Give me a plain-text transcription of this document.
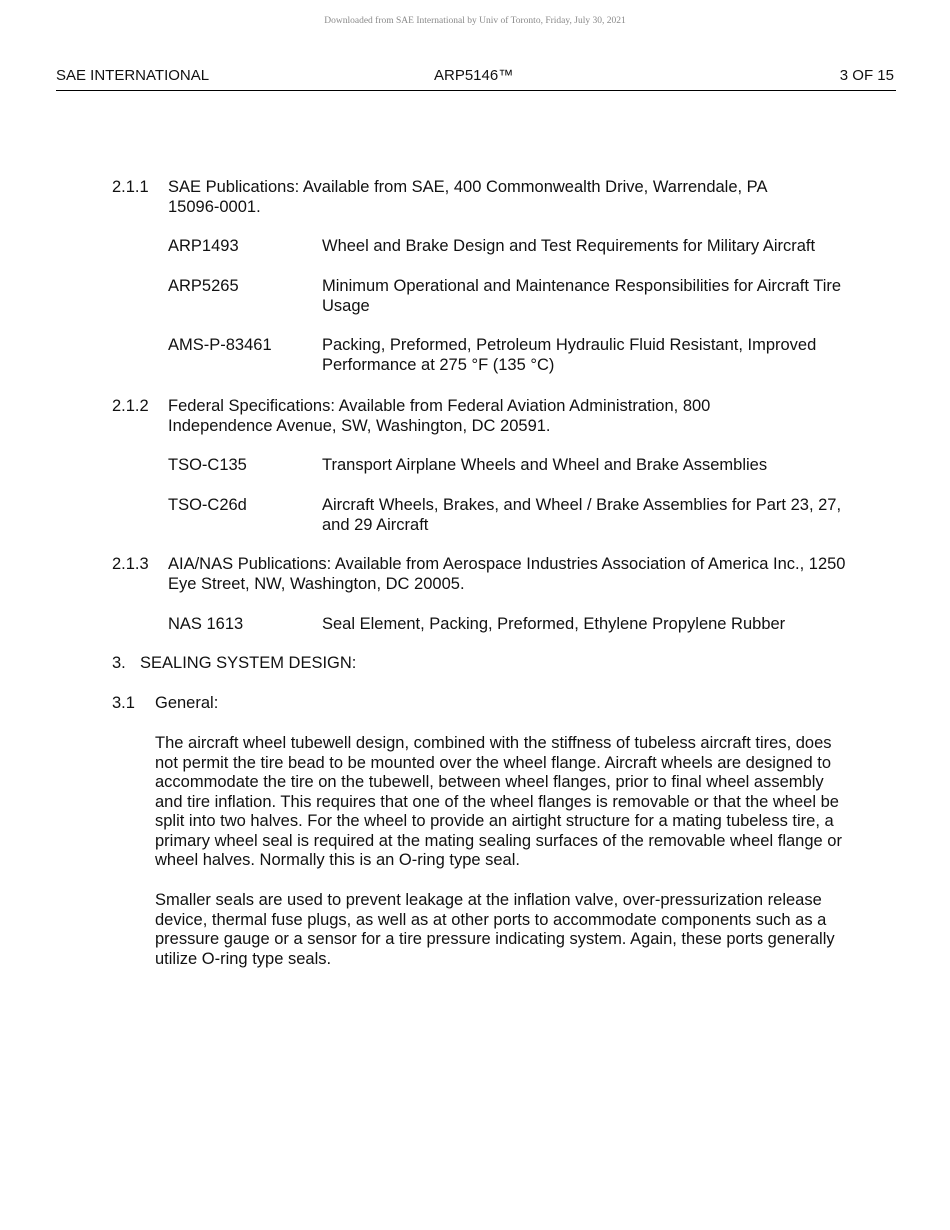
Downloaded from SAE International by Univ of Toronto, Friday, July 30, 2021
SAE INTERNATIONAL	ARP5146™	3 OF 15
2.1.1 SAE Publications: Available from SAE, 400 Commonwealth Drive, Warrendale, PA 15096-0001.
ARP1493	Wheel and Brake Design and Test Requirements for Military Aircraft
ARP5265	Minimum Operational and Maintenance Responsibilities for Aircraft Tire Usage
AMS-P-83461	Packing, Preformed, Petroleum Hydraulic Fluid Resistant, Improved Performance at 275 °F (135 °C)
2.1.2 Federal Specifications: Available from Federal Aviation Administration, 800 Independence Avenue, SW, Washington, DC 20591.
TSO-C135	Transport Airplane Wheels and Wheel and Brake Assemblies
TSO-C26d	Aircraft Wheels, Brakes, and Wheel / Brake Assemblies for Part 23, 27, and 29 Aircraft
2.1.3 AIA/NAS Publications: Available from Aerospace Industries Association of America Inc., 1250 Eye Street, NW, Washington, DC 20005.
NAS 1613	Seal Element, Packing, Preformed, Ethylene Propylene Rubber
3. SEALING SYSTEM DESIGN:
3.1 General:
The aircraft wheel tubewell design, combined with the stiffness of tubeless aircraft tires, does not permit the tire bead to be mounted over the wheel flange. Aircraft wheels are designed to accommodate the tire on the tubewell, between wheel flanges, prior to final wheel assembly and tire inflation. This requires that one of the wheel flanges is removable or that the wheel be split into two halves. For the wheel to provide an airtight structure for a mating tubeless tire, a primary wheel seal is required at the mating sealing surfaces of the removable wheel flange or wheel halves. Normally this is an O-ring type seal.
Smaller seals are used to prevent leakage at the inflation valve, over-pressurization release device, thermal fuse plugs, as well as at other ports to accommodate components such as a pressure gauge or a sensor for a tire pressure indicating system. Again, these ports generally utilize O-ring type seals.
